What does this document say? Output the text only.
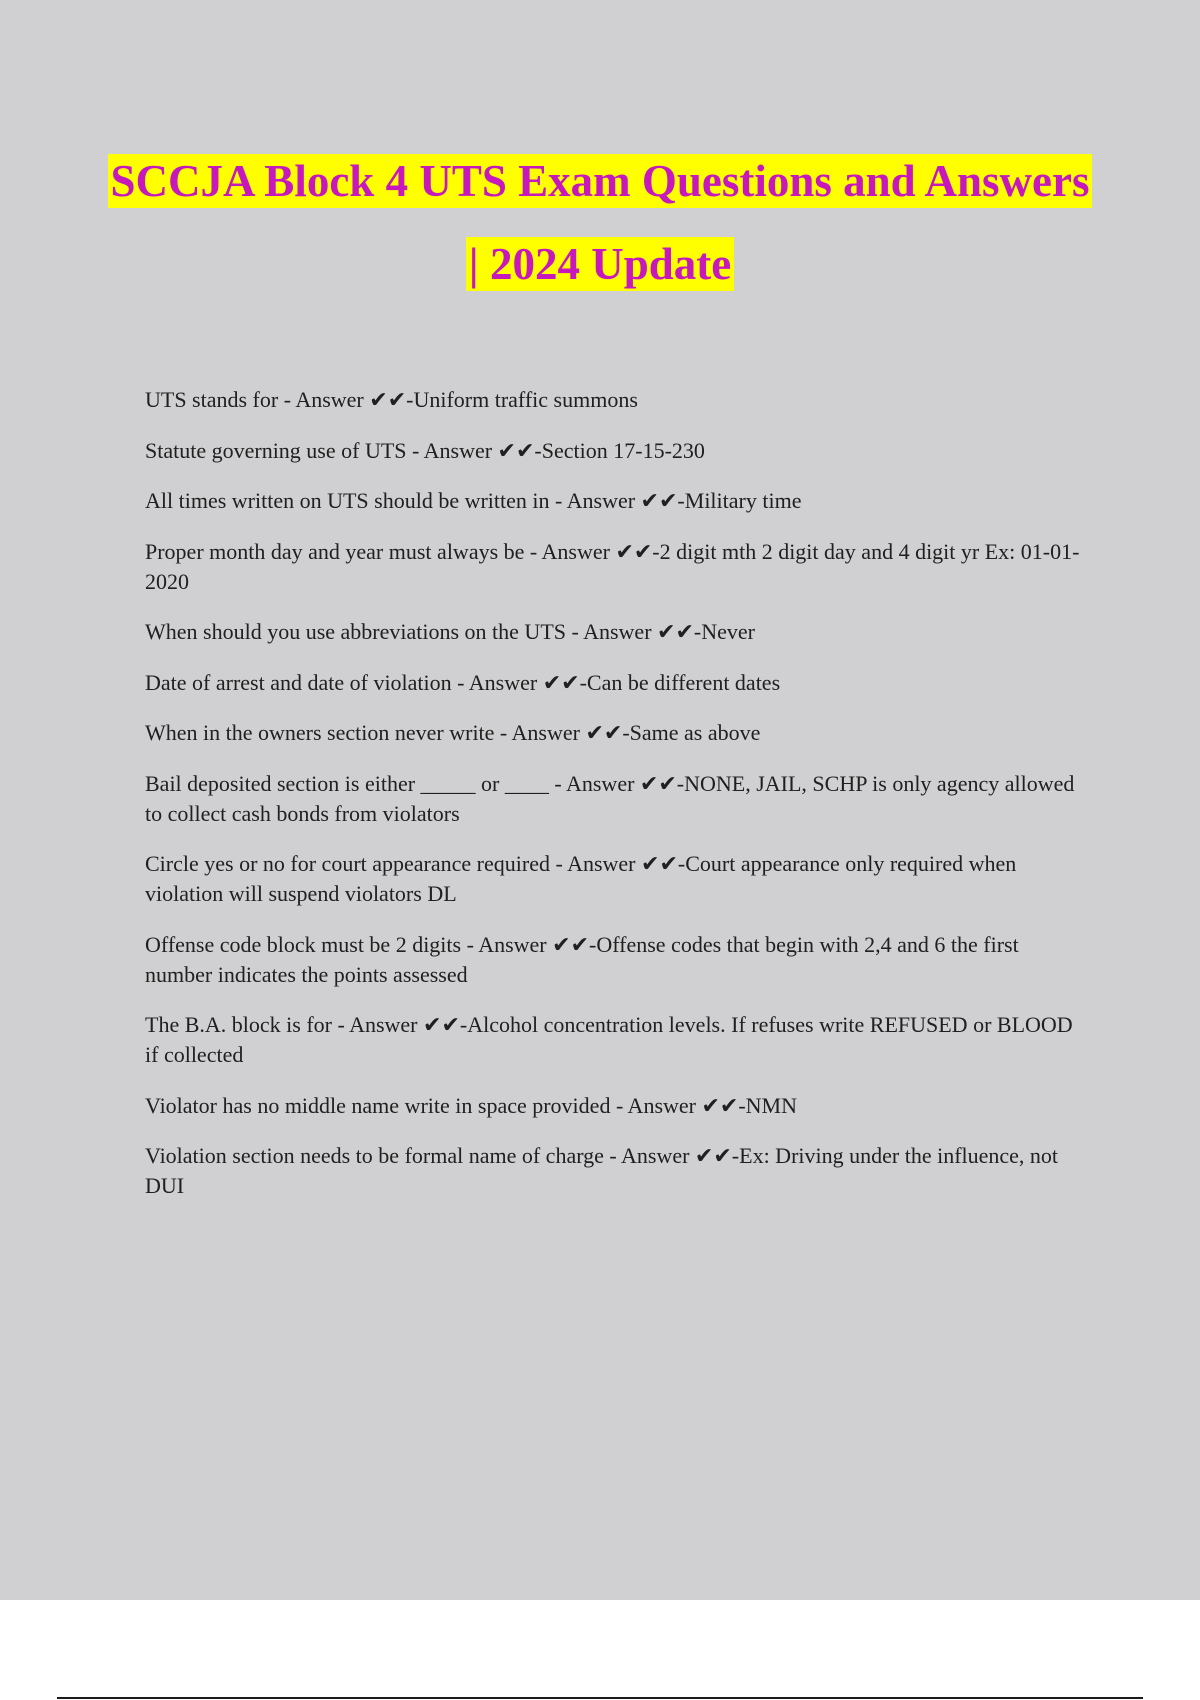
SCCJA Block 4 UTS Exam Questions and Answers | 2024 Update
UTS stands for - Answer ✔✔-Uniform traffic summons
Statute governing use of UTS - Answer ✔✔-Section 17-15-230
All times written on UTS should be written in - Answer ✔✔-Military time
Proper month day and year must always be - Answer ✔✔-2 digit mth 2 digit day and 4 digit yr Ex: 01-01-2020
When should you use abbreviations on the UTS - Answer ✔✔-Never
Date of arrest and date of violation - Answer ✔✔-Can be different dates
When in the owners section never write - Answer ✔✔-Same as above
Bail deposited section is either _____ or ____ - Answer ✔✔-NONE, JAIL, SCHP is only agency allowed to collect cash bonds from violators
Circle yes or no for court appearance required - Answer ✔✔-Court appearance only required when violation will suspend violators DL
Offense code block must be 2 digits - Answer ✔✔-Offense codes that begin with 2,4 and 6 the first number indicates the points assessed
The B.A. block is for - Answer ✔✔-Alcohol concentration levels. If refuses write REFUSED or BLOOD if collected
Violator has no middle name write in space provided - Answer ✔✔-NMN
Violation section needs to be formal name of charge - Answer ✔✔-Ex: Driving under the influence, not DUI
